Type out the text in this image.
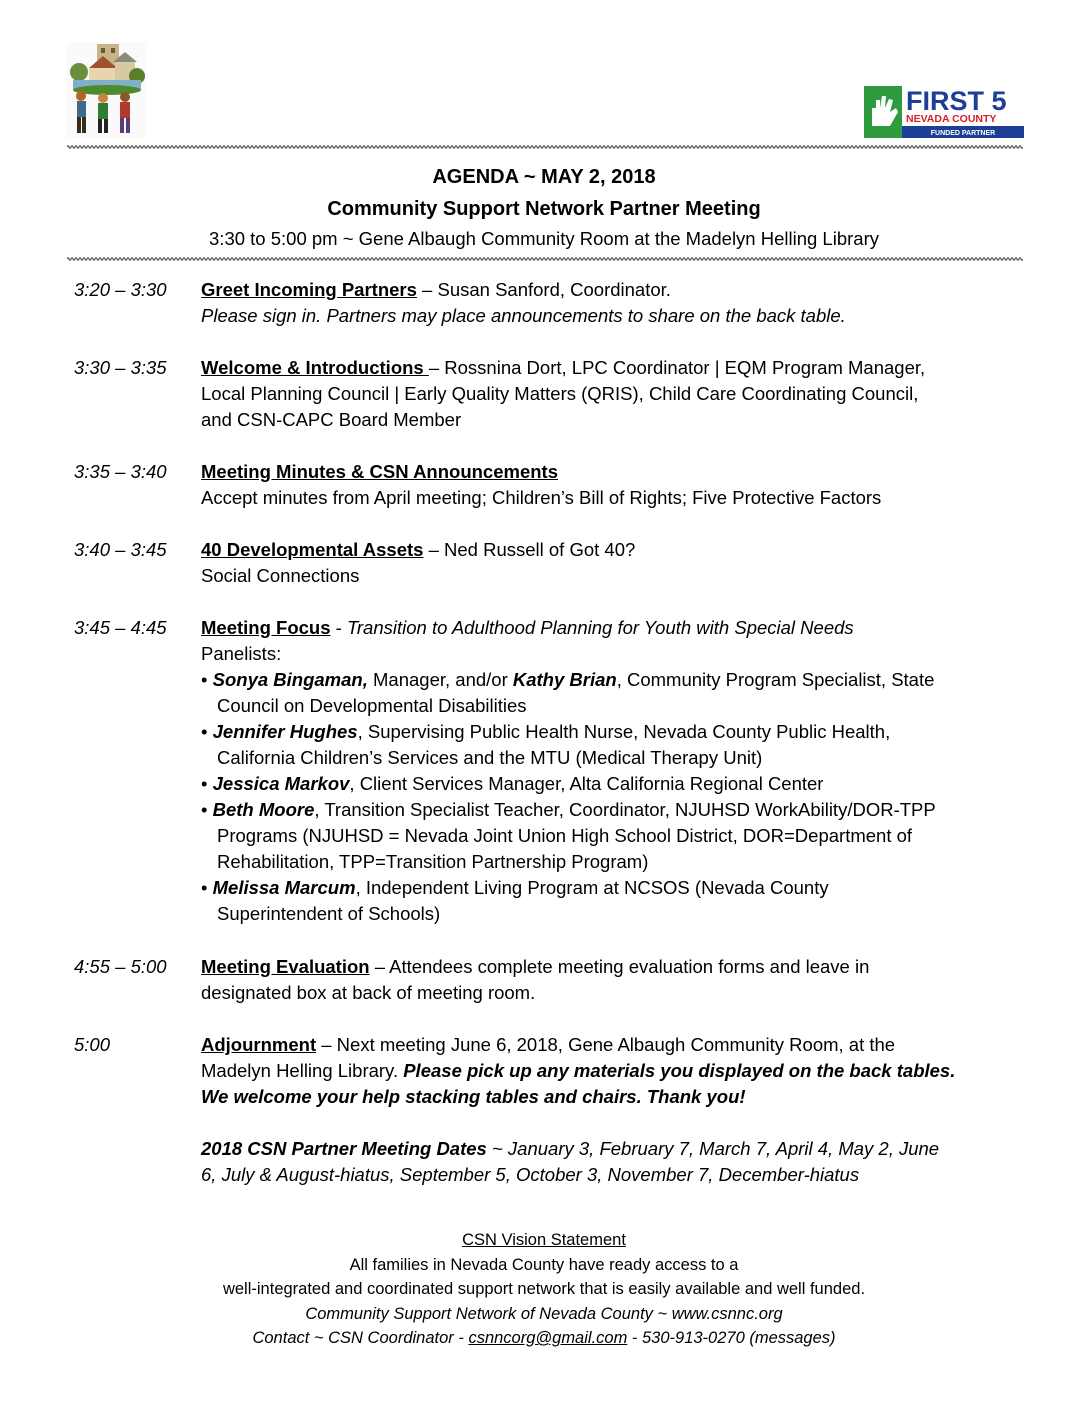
FIRST 5
NEVADA COUNTY
FUNDED PARTNER
AGENDA ~ MAY 2, 2018
Community Support Network Partner Meeting
3:30 to 5:00 pm ~ Gene Albaugh Community Room at the Madelyn Helling Library
3:20 – 3:30 Greet Incoming Partners – Susan Sanford, Coordinator.
Please sign in. Partners may place announcements to share on the back table.
3:30 – 3:35 Welcome & Introductions – Rossnina Dort, LPC Coordinator | EQM Program Manager,
Local Planning Council | Early Quality Matters (QRIS), Child Care Coordinating Council,
and CSN-CAPC Board Member
3:35 – 3:40 Meeting Minutes & CSN Announcements
Accept minutes from April meeting; Children’s Bill of Rights; Five Protective Factors
3:40 – 3:45 40 Developmental Assets – Ned Russell of Got 40?
Social Connections
3:45 – 4:45 Meeting Focus - Transition to Adulthood Planning for Youth with Special Needs
Panelists:
• Sonya Bingaman, Manager, and/or Kathy Brian, Community Program Specialist, State
Council on Developmental Disabilities
• Jennifer Hughes, Supervising Public Health Nurse, Nevada County Public Health,
California Children’s Services and the MTU (Medical Therapy Unit)
• Jessica Markov, Client Services Manager, Alta California Regional Center
• Beth Moore, Transition Specialist Teacher, Coordinator, NJUHSD WorkAbility/DOR-TPP
Programs (NJUHSD = Nevada Joint Union High School District, DOR=Department of
Rehabilitation, TPP=Transition Partnership Program)
• Melissa Marcum, Independent Living Program at NCSOS (Nevada County
Superintendent of Schools)
4:55 – 5:00 Meeting Evaluation – Attendees complete meeting evaluation forms and leave in
designated box at back of meeting room.
5:00	Adjournment – Next meeting June 6, 2018, Gene Albaugh Community Room, at the
Madelyn Helling Library. Please pick up any materials you displayed on the back tables.
We welcome your help stacking tables and chairs. Thank you!
2018 CSN Partner Meeting Dates ~ January 3, February 7, March 7, April 4, May 2, June
6, July & August-hiatus, September 5, October 3, November 7, December-hiatus
CSN Vision Statement
All families in Nevada County have ready access to a
well-integrated and coordinated support network that is easily available and well funded.
Community Support Network of Nevada County ~ www.csnnc.org
Contact ~ CSN Coordinator - csnncorg@gmail.com - 530-913-0270 (messages)
